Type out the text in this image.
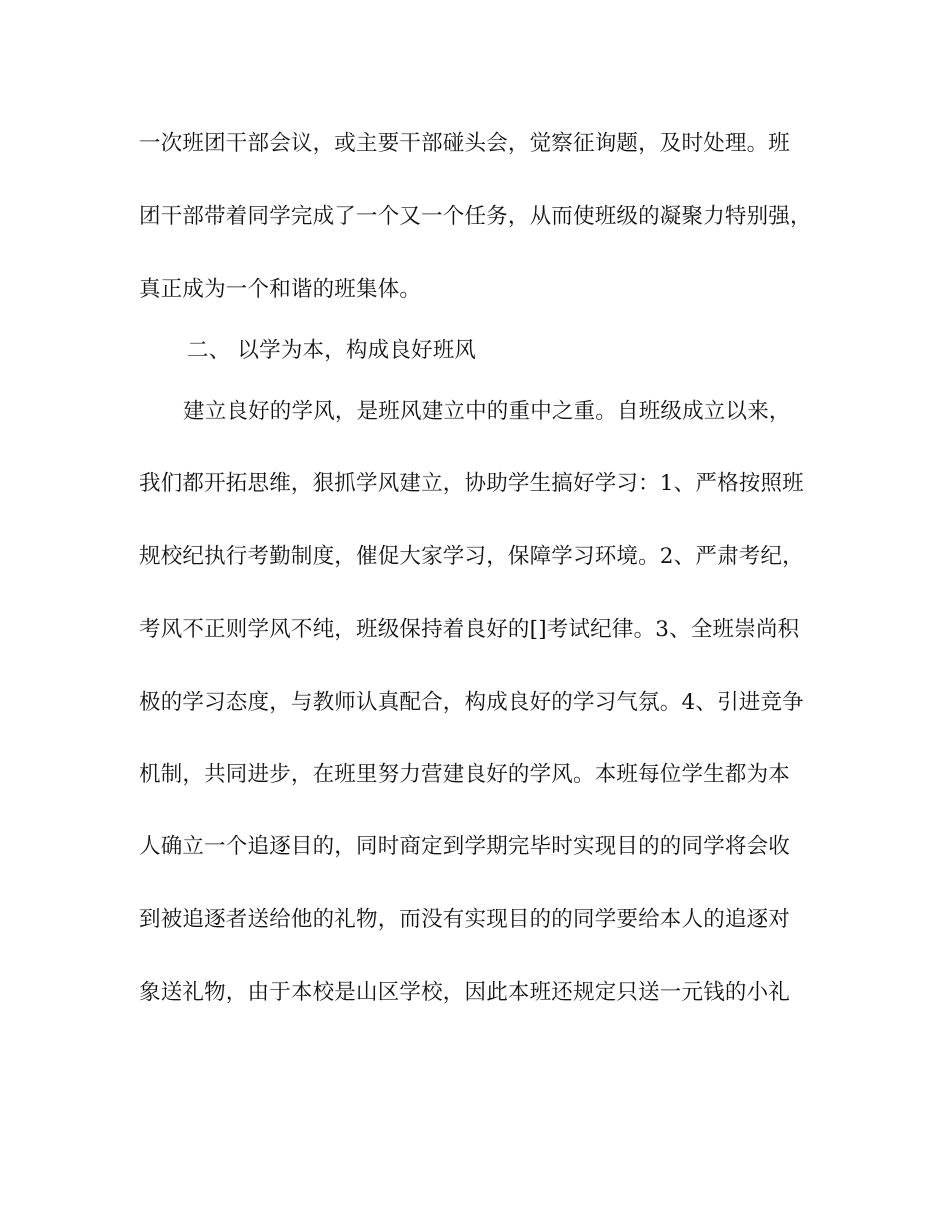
一次班团干部会议，或主要干部碰头会，觉察征询题，及时处理。班
团干部带着同学完成了一个又一个任务，从而使班级的凝聚力特别强，
真正成为一个和谐的班集体。
二、 以学为本，构成良好班风
建立良好的学风，是班风建立中的重中之重。自班级成立以来，
我们都开拓思维，狠抓学风建立，协助学生搞好学习：1、严格按照班
规校纪执行考勤制度，催促大家学习，保障学习环境。2、严肃考纪，
考风不正则学风不纯，班级保持着良好的[]考试纪律。3、全班崇尚积
极的学习态度，与教师认真配合，构成良好的学习气氛。4、引进竞争
机制，共同进步，在班里努力营建良好的学风。本班每位学生都为本
人确立一个追逐目的，同时商定到学期完毕时实现目的的同学将会收
到被追逐者送给他的礼物，而没有实现目的的同学要给本人的追逐对
象送礼物，由于本校是山区学校，因此本班还规定只送一元钱的小礼
